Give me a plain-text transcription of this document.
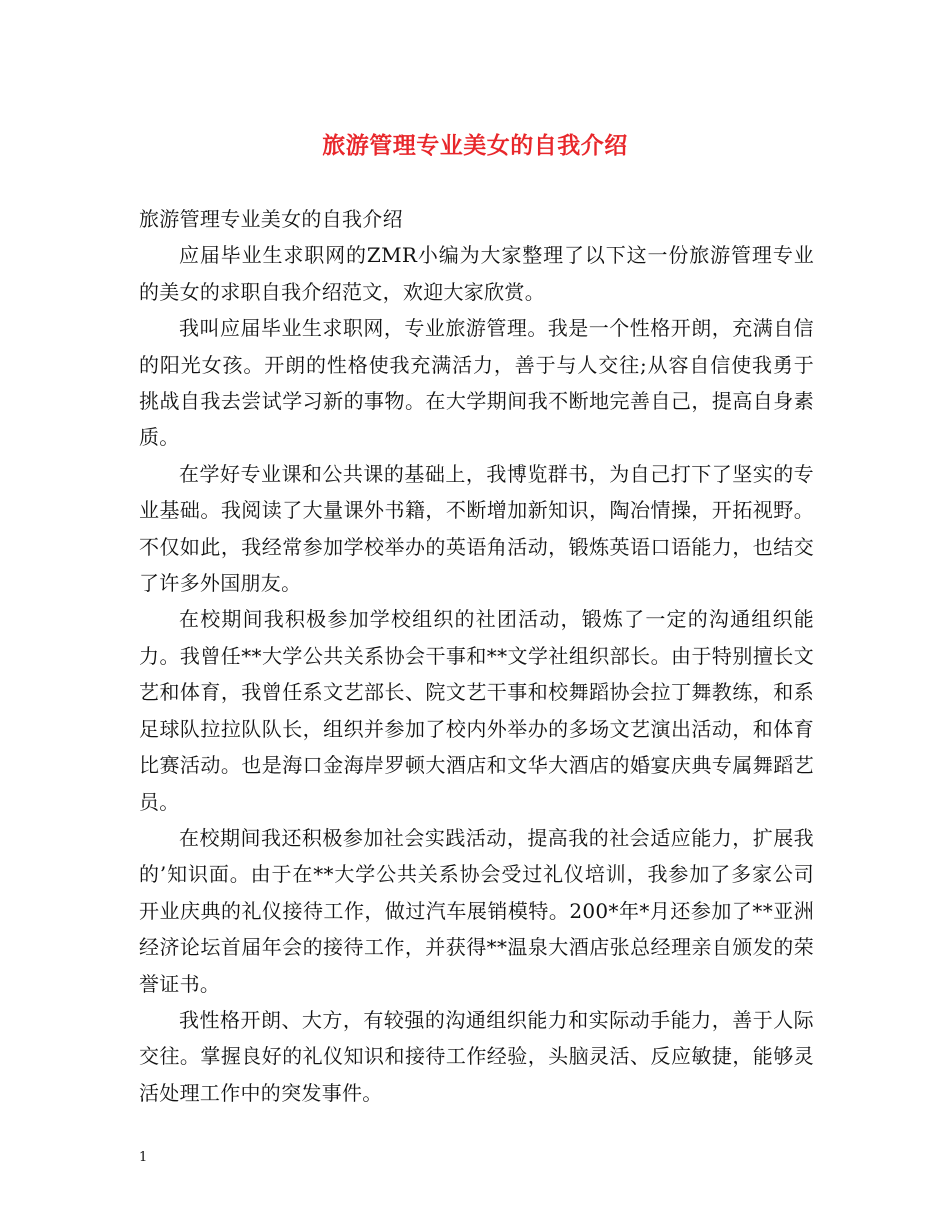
旅游管理专业美女的自我介绍

旅游管理专业美女的自我介绍

应届毕业生求职网的ZMR小编为大家整理了以下这一份旅游管理专业的美女的求职自我介绍范文，欢迎大家欣赏。

我叫应届毕业生求职网，专业旅游管理。我是一个性格开朗，充满自信的阳光女孩。开朗的性格使我充满活力，善于与人交往;从容自信使我勇于挑战自我去尝试学习新的事物。在大学期间我不断地完善自己，提高自身素质。

在学好专业课和公共课的基础上，我博览群书，为自己打下了坚实的专业基础。我阅读了大量课外书籍，不断增加新知识，陶冶情操，开拓视野。不仅如此，我经常参加学校举办的英语角活动，锻炼英语口语能力，也结交了许多外国朋友。

在校期间我积极参加学校组织的社团活动，锻炼了一定的沟通组织能力。我曾任**大学公共关系协会干事和**文学社组织部长。由于特别擅长文艺和体育，我曾任系文艺部长、院文艺干事和校舞蹈协会拉丁舞教练，和系足球队拉拉队队长，组织并参加了校内外举办的多场文艺演出活动，和体育比赛活动。也是海口金海岸罗顿大酒店和文华大酒店的婚宴庆典专属舞蹈艺员。

在校期间我还积极参加社会实践活动，提高我的社会适应能力，扩展我的’知识面。由于在**大学公共关系协会受过礼仪培训，我参加了多家公司开业庆典的礼仪接待工作，做过汽车展销模特。200*年*月还参加了**亚洲经济论坛首届年会的接待工作，并获得**温泉大酒店张总经理亲自颁发的荣誉证书。

我性格开朗、大方，有较强的沟通组织能力和实际动手能力，善于人际交往。掌握良好的礼仪知识和接待工作经验，头脑灵活、反应敏捷，能够灵活处理工作中的突发事件。

1
